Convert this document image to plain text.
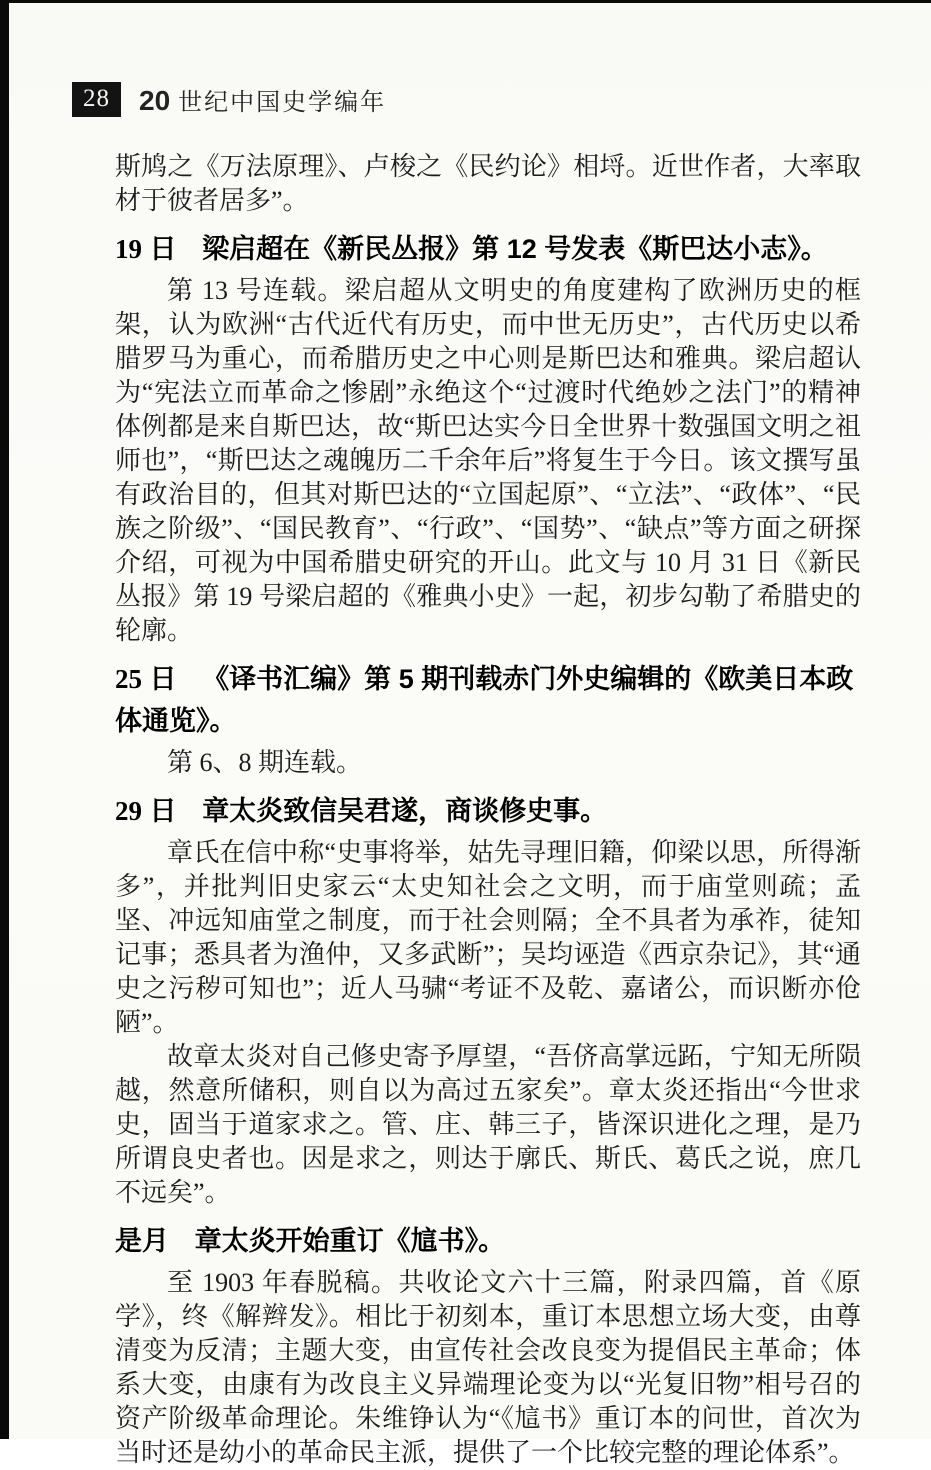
28	20 世纪中国史学编年

斯鸠之《万法原理》、卢梭之《民约论》相埒。近世作者，大率取材于彼者居多”。

19 日 梁启超在《新民丛报》第 12 号发表《斯巴达小志》。

第 13 号连载。梁启超从文明史的角度建构了欧洲历史的框架，认为欧洲“古代近代有历史，而中世无历史”，古代历史以希腊罗马为重心，而希腊历史之中心则是斯巴达和雅典。梁启超认为“宪法立而革命之惨剧”永绝这个“过渡时代绝妙之法门”的精神体例都是来自斯巴达，故“斯巴达实今日全世界十数强国文明之祖师也”，“斯巴达之魂魄历二千余年后”将复生于今日。该文撰写虽有政治目的，但其对斯巴达的“立国起原”、“立法”、“政体”、“民族之阶级”、“国民教育”、“行政”、“国势”、“缺点”等方面之研探介绍，可视为中国希腊史研究的开山。此文与 10 月 31 日《新民丛报》第 19 号梁启超的《雅典小史》一起，初步勾勒了希腊史的轮廓。

25 日 《译书汇编》第 5 期刊载赤门外史编辑的《欧美日本政体通览》。

第 6、8 期连载。

29 日 章太炎致信吴君遂，商谈修史事。

章氏在信中称“史事将举，姑先寻理旧籍，仰梁以思，所得渐多”，并批判旧史家云“太史知社会之文明，而于庙堂则疏；孟坚、冲远知庙堂之制度，而于社会则隔；全不具者为承祚，徒知记事；悉具者为渔仲，又多武断”；吴均诬造《西京杂记》，其“通史之污秽可知也”；近人马骕“考证不及乾、嘉诸公，而识断亦伧陋”。

故章太炎对自己修史寄予厚望，“吾侪高掌远跖，宁知无所陨越，然意所储积，则自以为高过五家矣”。章太炎还指出“今世求史，固当于道家求之。管、庄、韩三子，皆深识进化之理，是乃所谓良史者也。因是求之，则达于廓氏、斯氏、葛氏之说，庶几不远矣”。

是月 章太炎开始重订《訄书》。

至 1903 年春脱稿。共收论文六十三篇，附录四篇，首《原学》，终《解辫发》。相比于初刻本，重订本思想立场大变，由尊清变为反清；主题大变，由宣传社会改良变为提倡民主革命；体系大变，由康有为改良主义异端理论变为以“光复旧物”相号召的资产阶级革命理论。朱维铮认为“《訄书》重订本的问世，首次为当时还是幼小的革命民主派，提供了一个比较完整的理论体系”。
